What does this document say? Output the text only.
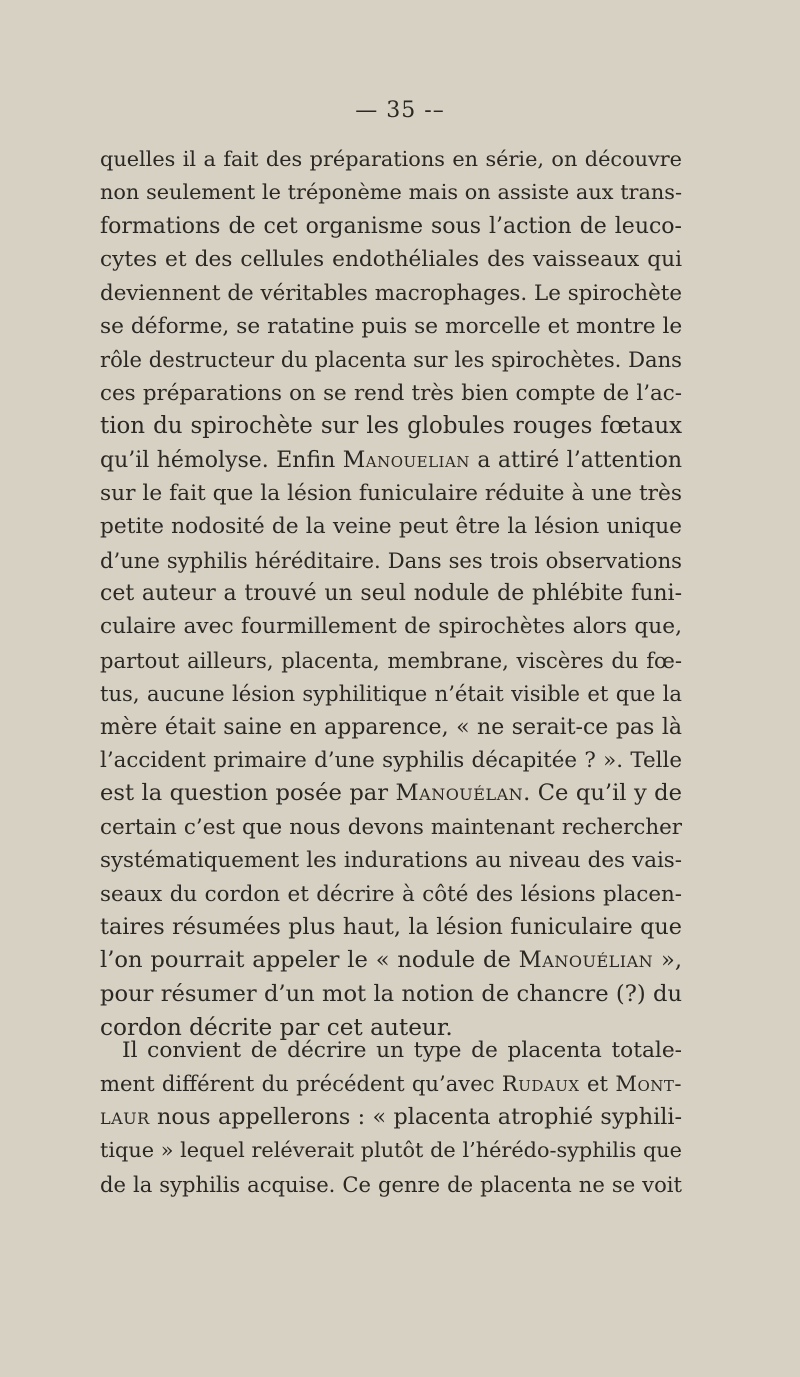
— 35 -–
quelles il a fait des préparations en série, on découvre
non seulement le tréponème mais on assiste aux trans-
formations de cet organisme sous l’action de leuco-
cytes et des cellules endothéliales des vaisseaux qui
deviennent de véritables macrophages. Le spirochète
se déforme, se ratatine puis se morcelle et montre le
rôle destructeur du placenta sur les spirochètes. Dans
ces préparations on se rend très bien compte de l’ac-
tion du spirochète sur les globules rouges fœtaux
qu’il hémolyse. Enfin Manouelian a attiré l’attention
sur le fait que la lésion funiculaire réduite à une très
petite nodosité de la veine peut être la lésion unique
d’une syphilis héréditaire. Dans ses trois observations
cet auteur a trouvé un seul nodule de phlébite funi-
culaire avec fourmillement de spirochètes alors que,
partout ailleurs, placenta, membrane, viscères du fœ-
tus, aucune lésion syphilitique n’était visible et que la
mère était saine en apparence, « ne serait-ce pas là
l’accident primaire d’une syphilis décapitée ? ». Telle
est la question posée par Manouélan. Ce qu’il y de
certain c’est que nous devons maintenant rechercher
systématiquement les indurations au niveau des vais-
seaux du cordon et décrire à côté des lésions placen-
taires résumées plus haut, la lésion funiculaire que
l’on pourrait appeler le « nodule de Manouélian »,
pour résumer d’un mot la notion de chancre (?) du
cordon décrite par cet auteur.
Il convient de décrire un type de placenta totale-
ment différent du précédent qu’avec Rudaux et Mont-
laur nous appellerons : « placenta atrophié syphili-
tique » lequel reléverait plutôt de l’hérédo-syphilis que
de la syphilis acquise. Ce genre de placenta ne se voit
